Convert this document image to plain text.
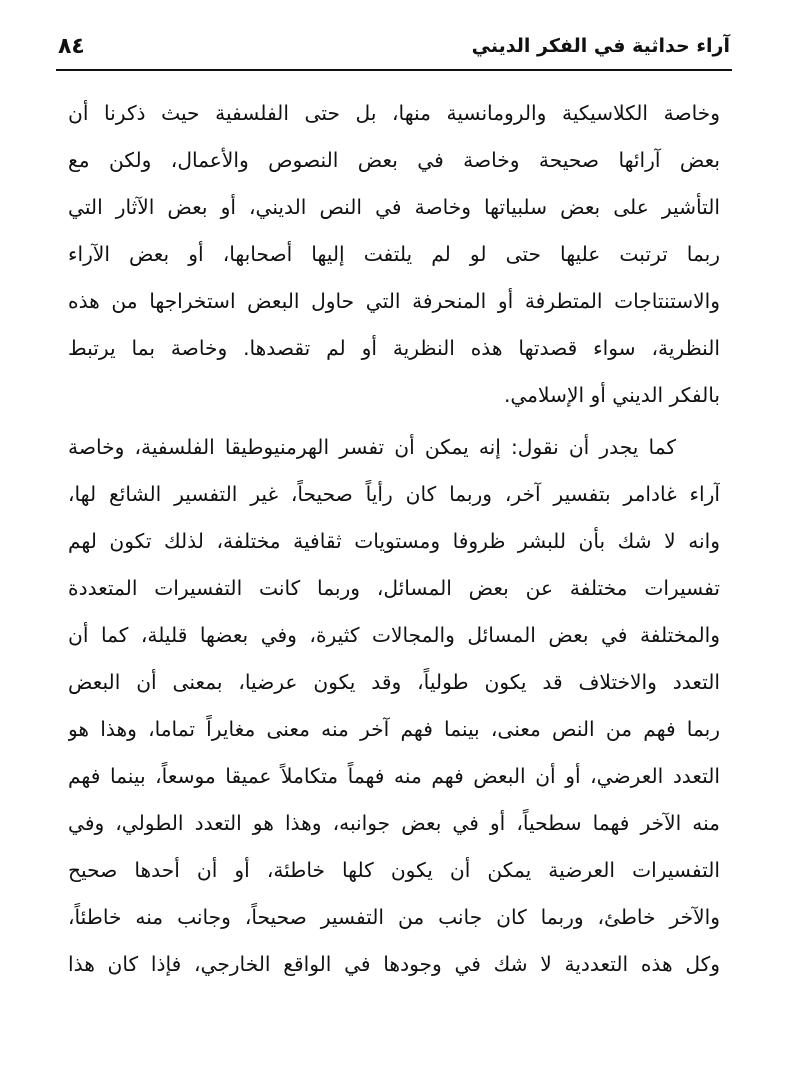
آراء حداثية في الفكر الديني
٨٤
وخاصة الكلاسيكية والرومانسية منها، بل حتى الفلسفية حيث ذكرنا أن
بعض آرائها صحيحة وخاصة في بعض النصوص والأعمال، ولكن مع
التأشير على بعض سلبياتها وخاصة في النص الديني، أو بعض الآثار التي
ربما ترتبت عليها حتى لو لم يلتفت إليها أصحابها، أو بعض الآراء
والاستنتاجات المتطرفة أو المنحرفة التي حاول البعض استخراجها من هذه
النظرية، سواء قصدتها هذه النظرية أو لم تقصدها. وخاصة بما يرتبط
بالفكر الديني أو الإسلامي.
كما يجدر أن نقول: إنه يمكن أن تفسر الهرمنيوطيقا الفلسفية، وخاصة
آراء غادامر بتفسير آخر، وربما كان رأياً صحيحاً، غير التفسير الشائع لها،
وانه لا شك بأن للبشر ظروفا ومستويات ثقافية مختلفة، لذلك تكون لهم
تفسيرات مختلفة عن بعض المسائل، وربما كانت التفسيرات المتعددة
والمختلفة في بعض المسائل والمجالات كثيرة، وفي بعضها قليلة، كما أن
التعدد والاختلاف قد يكون طولياً، وقد يكون عرضيا، بمعنى أن البعض
ربما فهم من النص معنى، بينما فهم آخر منه معنى مغايراً تماما، وهذا هو
التعدد العرضي، أو أن البعض فهم منه فهماً متكاملاً عميقا موسعاً، بينما فهم
منه الآخر فهما سطحياً، أو في بعض جوانبه، وهذا هو التعدد الطولي، وفي
التفسيرات العرضية يمكن أن يكون كلها خاطئة، أو أن أحدها صحيح
والآخر خاطئ، وربما كان جانب من التفسير صحيحاً، وجانب منه خاطئاً،
وكل هذه التعددية لا شك في وجودها في الواقع الخارجي، فإذا كان هذا
